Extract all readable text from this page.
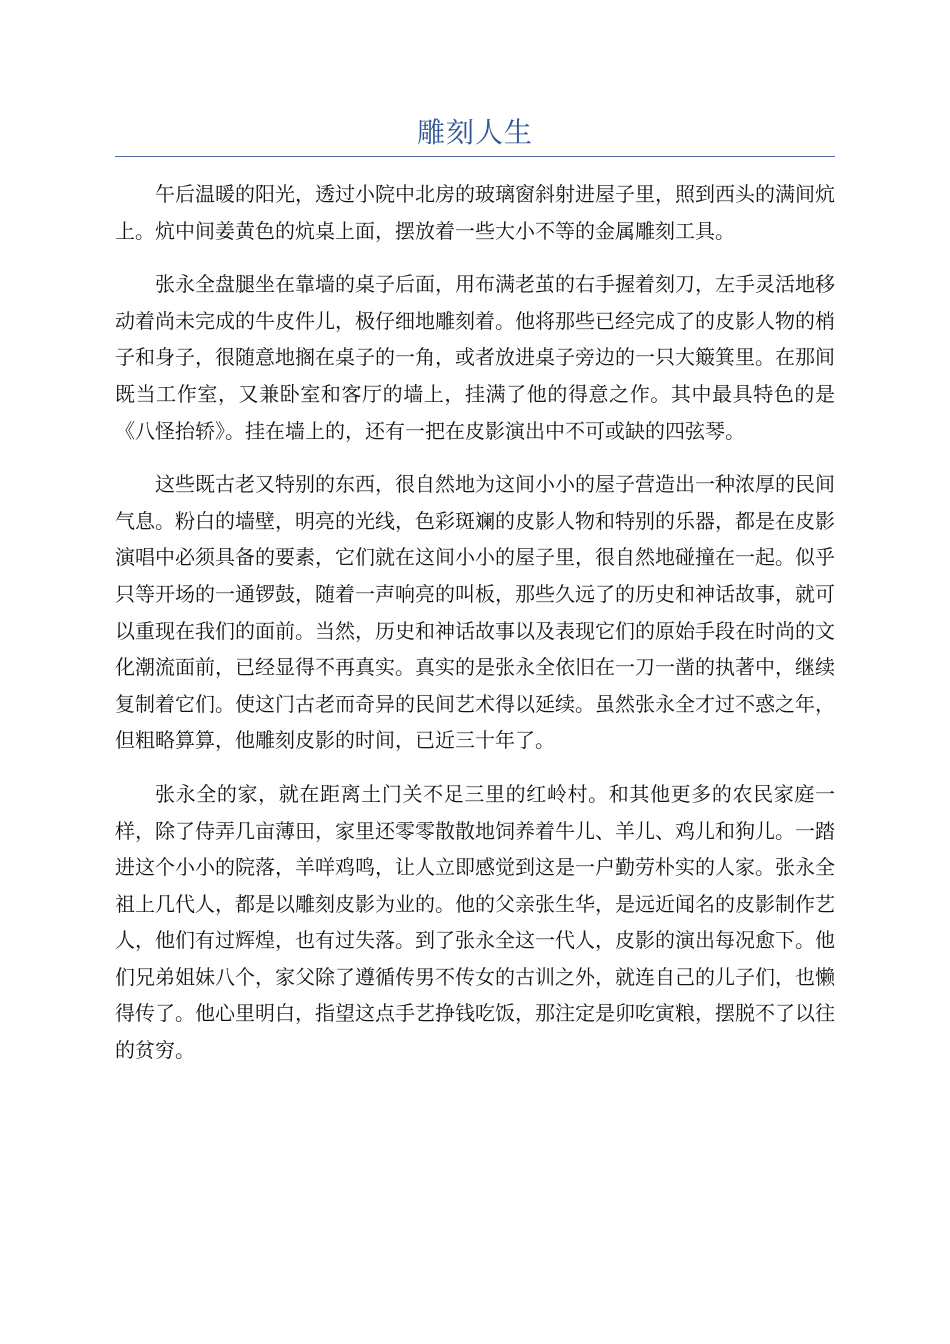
雕刻人生

午后温暖的阳光，透过小院中北房的玻璃窗斜射进屋子里，照到西头的满间炕上。炕中间姜黄色的炕桌上面，摆放着一些大小不等的金属雕刻工具。

张永全盘腿坐在靠墙的桌子后面，用布满老茧的右手握着刻刀，左手灵活地移动着尚未完成的牛皮件儿，极仔细地雕刻着。他将那些已经完成了的皮影人物的梢子和身子，很随意地搁在桌子的一角，或者放进桌子旁边的一只大簸箕里。在那间既当工作室，又兼卧室和客厅的墙上，挂满了他的得意之作。其中最具特色的是《八怪抬轿》。挂在墙上的，还有一把在皮影演出中不可或缺的四弦琴。

这些既古老又特别的东西，很自然地为这间小小的屋子营造出一种浓厚的民间气息。粉白的墙壁，明亮的光线，色彩斑斓的皮影人物和特别的乐器，都是在皮影演唱中必须具备的要素，它们就在这间小小的屋子里，很自然地碰撞在一起。似乎只等开场的一通锣鼓，随着一声响亮的叫板，那些久远了的历史和神话故事，就可以重现在我们的面前。当然，历史和神话故事以及表现它们的原始手段在时尚的文化潮流面前，已经显得不再真实。真实的是张永全依旧在一刀一凿的执著中，继续复制着它们。使这门古老而奇异的民间艺术得以延续。虽然张永全才过不惑之年，但粗略算算，他雕刻皮影的时间，已近三十年了。

张永全的家，就在距离土门关不足三里的红岭村。和其他更多的农民家庭一样，除了侍弄几亩薄田，家里还零零散散地饲养着牛儿、羊儿、鸡儿和狗儿。一踏进这个小小的院落，羊咩鸡鸣，让人立即感觉到这是一户勤劳朴实的人家。张永全祖上几代人，都是以雕刻皮影为业的。他的父亲张生华，是远近闻名的皮影制作艺人，他们有过辉煌，也有过失落。到了张永全这一代人，皮影的演出每况愈下。他们兄弟姐妹八个，家父除了遵循传男不传女的古训之外，就连自己的儿子们，也懒得传了。他心里明白，指望这点手艺挣钱吃饭，那注定是卯吃寅粮，摆脱不了以往的贫穷。
